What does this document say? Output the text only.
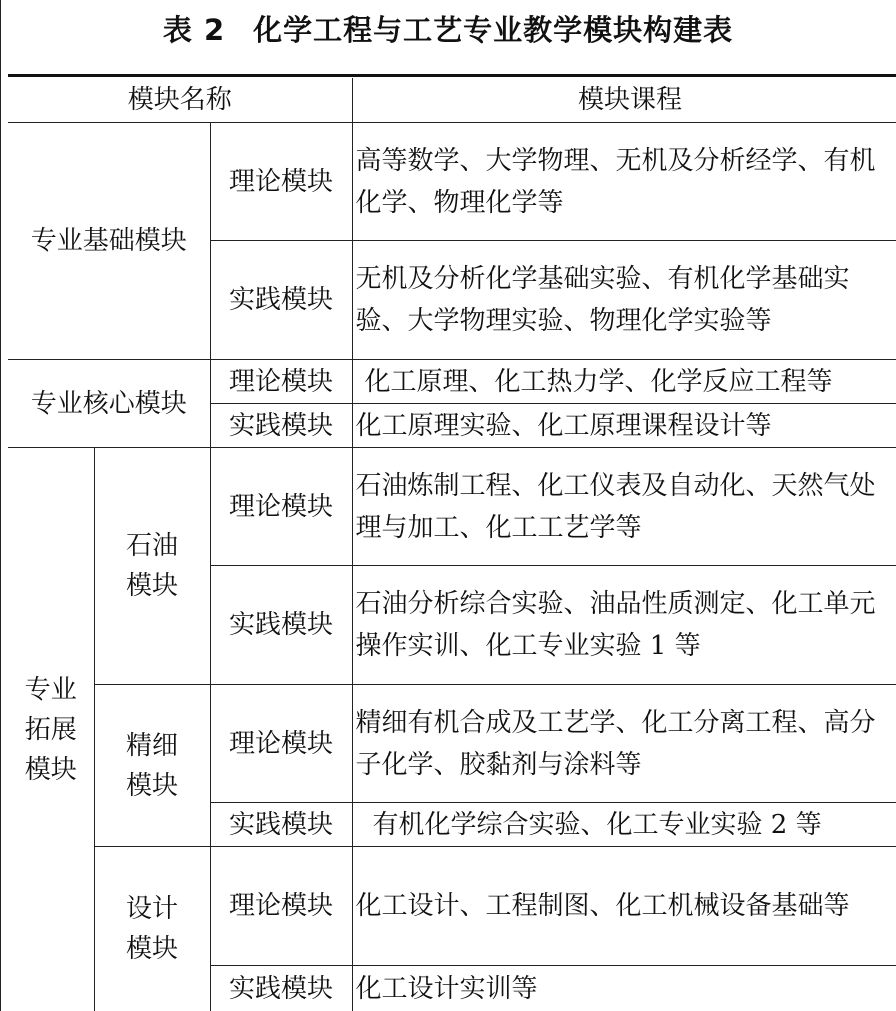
表 2 化学工程与工艺专业教学模块构建表
模块名称			模块课程
专业基础模块		理论模块	高等数学、大学物理、无机及分析经学、有机化学、物理化学等
		实践模块	无机及分析化学基础实验、有机化学基础实验、大学物理实验、物理化学实验等
专业核心模块		理论模块	化工原理、化工热力学、化学反应工程等
		实践模块	化工原理实验、化工原理课程设计等
专业拓展模块	石油模块	理论模块	石油炼制工程、化工仪表及自动化、天然气处理与加工、化工工艺学等
		实践模块	石油分析综合实验、油品性质测定、化工单元操作实训、化工专业实验 1 等
	精细模块	理论模块	精细有机合成及工艺学、化工分离工程、高分子化学、胶黏剂与涂料等
		实践模块	有机化学综合实验、化工专业实验 2 等
	设计模块	理论模块	化工设计、工程制图、化工机械设备基础等
		实践模块	化工设计实训等
